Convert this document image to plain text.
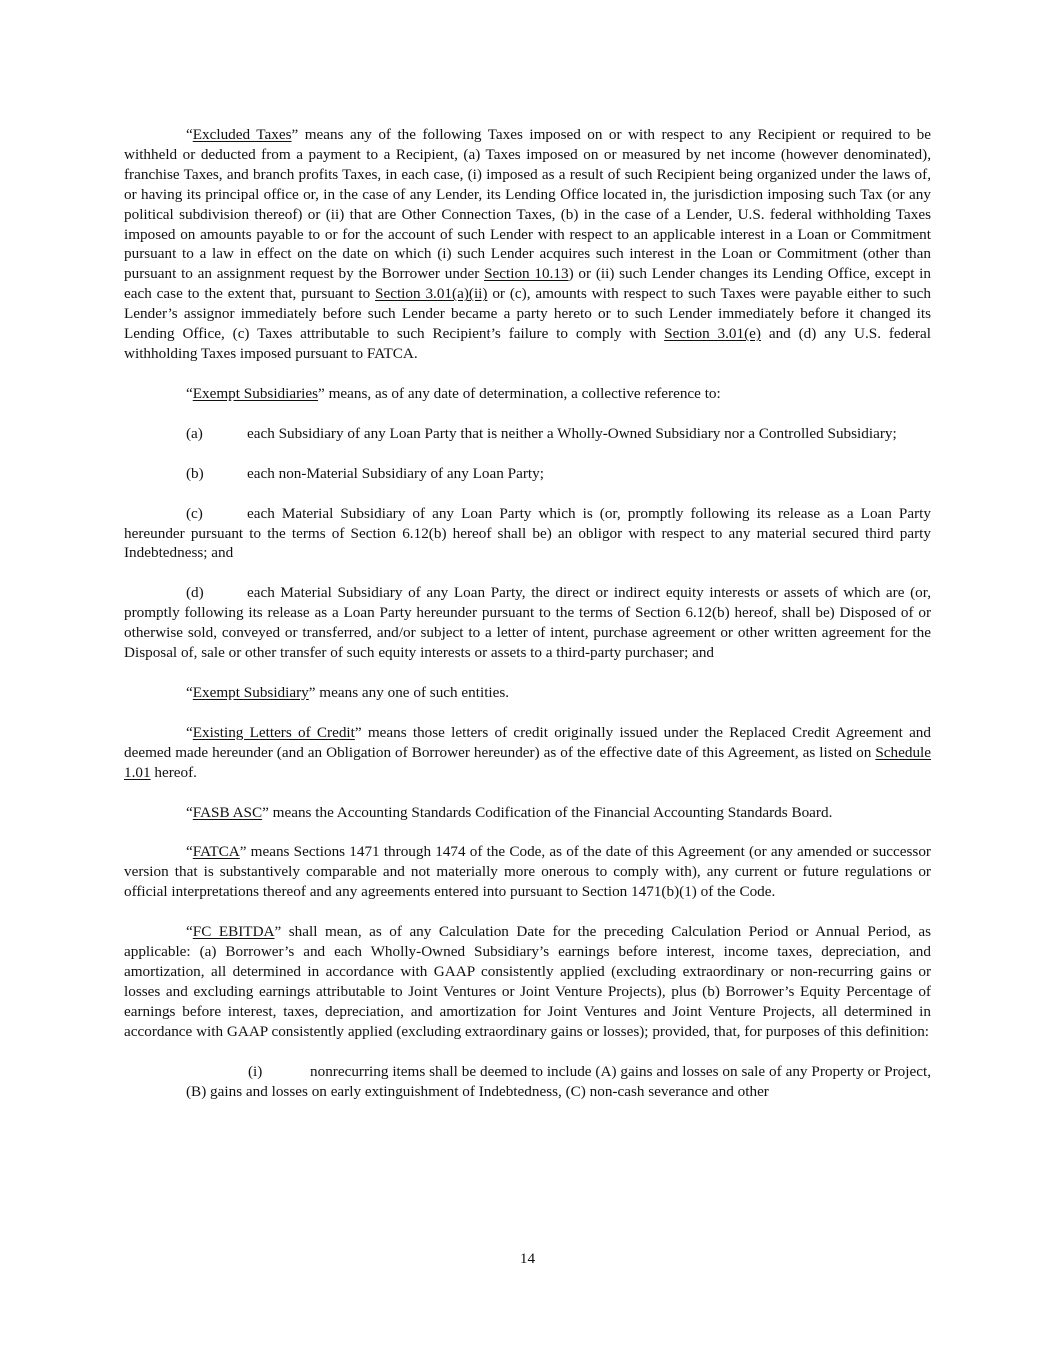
“Excluded Taxes” means any of the following Taxes imposed on or with respect to any Recipient or required to be withheld or deducted from a payment to a Recipient, (a) Taxes imposed on or measured by net income (however denominated), franchise Taxes, and branch profits Taxes, in each case, (i) imposed as a result of such Recipient being organized under the laws of, or having its principal office or, in the case of any Lender, its Lending Office located in, the jurisdiction imposing such Tax (or any political subdivision thereof) or (ii) that are Other Connection Taxes, (b) in the case of a Lender, U.S. federal withholding Taxes imposed on amounts payable to or for the account of such Lender with respect to an applicable interest in a Loan or Commitment pursuant to a law in effect on the date on which (i) such Lender acquires such interest in the Loan or Commitment (other than pursuant to an assignment request by the Borrower under Section 10.13) or (ii) such Lender changes its Lending Office, except in each case to the extent that, pursuant to Section 3.01(a)(ii) or (c), amounts with respect to such Taxes were payable either to such Lender’s assignor immediately before such Lender became a party hereto or to such Lender immediately before it changed its Lending Office, (c) Taxes attributable to such Recipient’s failure to comply with Section 3.01(e) and (d) any U.S. federal withholding Taxes imposed pursuant to FATCA.

“Exempt Subsidiaries” means, as of any date of determination, a collective reference to:

(a)	each Subsidiary of any Loan Party that is neither a Wholly-Owned Subsidiary nor a Controlled Subsidiary;

(b)	each non-Material Subsidiary of any Loan Party;

(c)	each Material Subsidiary of any Loan Party which is (or, promptly following its release as a Loan Party hereunder pursuant to the terms of Section 6.12(b) hereof shall be) an obligor with respect to any material secured third party Indebtedness; and

(d)	each Material Subsidiary of any Loan Party, the direct or indirect equity interests or assets of which are (or, promptly following its release as a Loan Party hereunder pursuant to the terms of Section 6.12(b) hereof, shall be) Disposed of or otherwise sold, conveyed or transferred, and/or subject to a letter of intent, purchase agreement or other written agreement for the Disposal of, sale or other transfer of such equity interests or assets to a third-party purchaser; and

“Exempt Subsidiary” means any one of such entities.

“Existing Letters of Credit” means those letters of credit originally issued under the Replaced Credit Agreement and deemed made hereunder (and an Obligation of Borrower hereunder) as of the effective date of this Agreement, as listed on Schedule 1.01 hereof.

“FASB ASC” means the Accounting Standards Codification of the Financial Accounting Standards Board.

“FATCA” means Sections 1471 through 1474 of the Code, as of the date of this Agreement (or any amended or successor version that is substantively comparable and not materially more onerous to comply with), any current or future regulations or official interpretations thereof and any agreements entered into pursuant to Section 1471(b)(1) of the Code.

“FC EBITDA” shall mean, as of any Calculation Date for the preceding Calculation Period or Annual Period, as applicable: (a) Borrower’s and each Wholly-Owned Subsidiary’s earnings before interest, income taxes, depreciation, and amortization, all determined in accordance with GAAP consistently applied (excluding extraordinary or non-recurring gains or losses and excluding earnings attributable to Joint Ventures or Joint Venture Projects), plus (b) Borrower’s Equity Percentage of earnings before interest, taxes, depreciation, and amortization for Joint Ventures and Joint Venture Projects, all determined in accordance with GAAP consistently applied (excluding extraordinary gains or losses); provided, that, for purposes of this definition:

(i)	nonrecurring items shall be deemed to include (A) gains and losses on sale of any Property or Project, (B) gains and losses on early extinguishment of Indebtedness, (C) non-cash severance and other

14
